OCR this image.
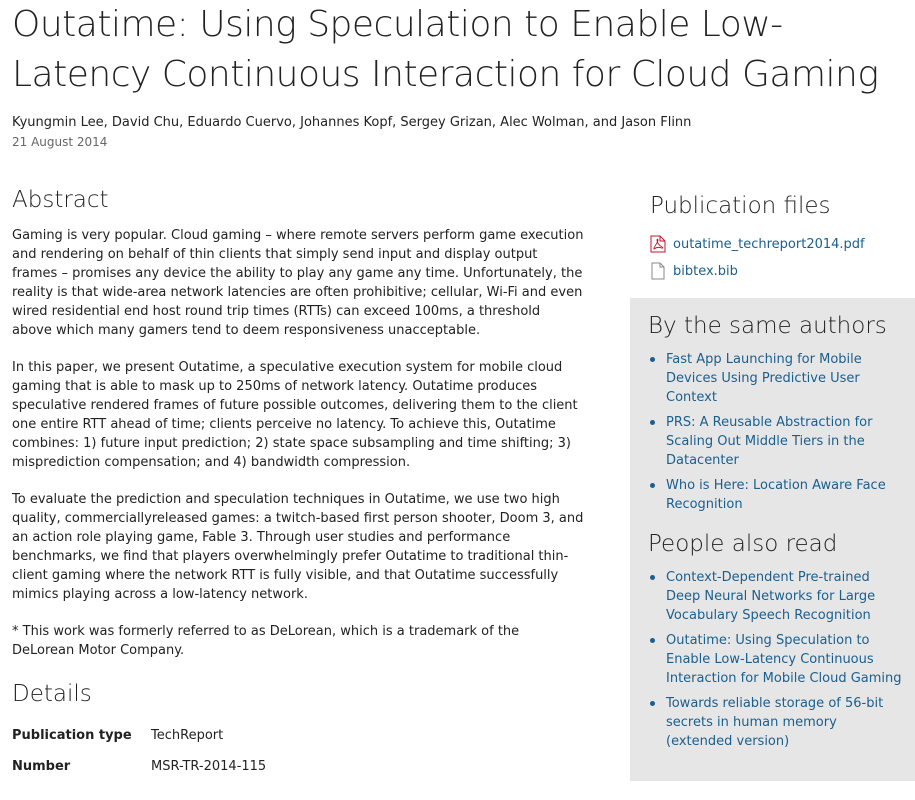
Outatime: Using Speculation to Enable Low-Latency Continuous Interaction for Cloud Gaming
Kyungmin Lee, David Chu, Eduardo Cuervo, Johannes Kopf, Sergey Grizan, Alec Wolman, and Jason Flinn
21 August 2014
Abstract

Gaming is very popular. Cloud gaming – where remote servers perform game execution and rendering on behalf of thin clients that simply send input and display output frames – promises any device the ability to play any game any time. Unfortunately, the reality is that wide-area network latencies are often prohibitive; cellular, Wi-Fi and even wired residential end host round trip times (RTTs) can exceed 100ms, a threshold above which many gamers tend to deem responsiveness unacceptable.

In this paper, we present Outatime, a speculative execution system for mobile cloud gaming that is able to mask up to 250ms of network latency. Outatime produces speculative rendered frames of future possible outcomes, delivering them to the client one entire RTT ahead of time; clients perceive no latency. To achieve this, Outatime combines: 1) future input prediction; 2) state space subsampling and time shifting; 3) misprediction compensation; and 4) bandwidth compression.

To evaluate the prediction and speculation techniques in Outatime, we use two high quality, commerciallyreleased games: a twitch-based first person shooter, Doom 3, and an action role playing game, Fable 3. Through user studies and performance benchmarks, we find that players overwhelmingly prefer Outatime to traditional thin-client gaming where the network RTT is fully visible, and that Outatime successfully mimics playing across a low-latency network.

* This work was formerly referred to as DeLorean, which is a trademark of the DeLorean Motor Company.

Details
Publication type	TechReport
Number	MSR-TR-2014-115
Publication files
outatime_techreport2014.pdf
bibtex.bib
By the same authors
Fast App Launching for Mobile Devices Using Predictive User Context
PRS: A Reusable Abstraction for Scaling Out Middle Tiers in the Datacenter
Who is Here: Location Aware Face Recognition
People also read
Context-Dependent Pre-trained Deep Neural Networks for Large Vocabulary Speech Recognition
Outatime: Using Speculation to Enable Low-Latency Continuous Interaction for Mobile Cloud Gaming
Towards reliable storage of 56-bit secrets in human memory (extended version)
